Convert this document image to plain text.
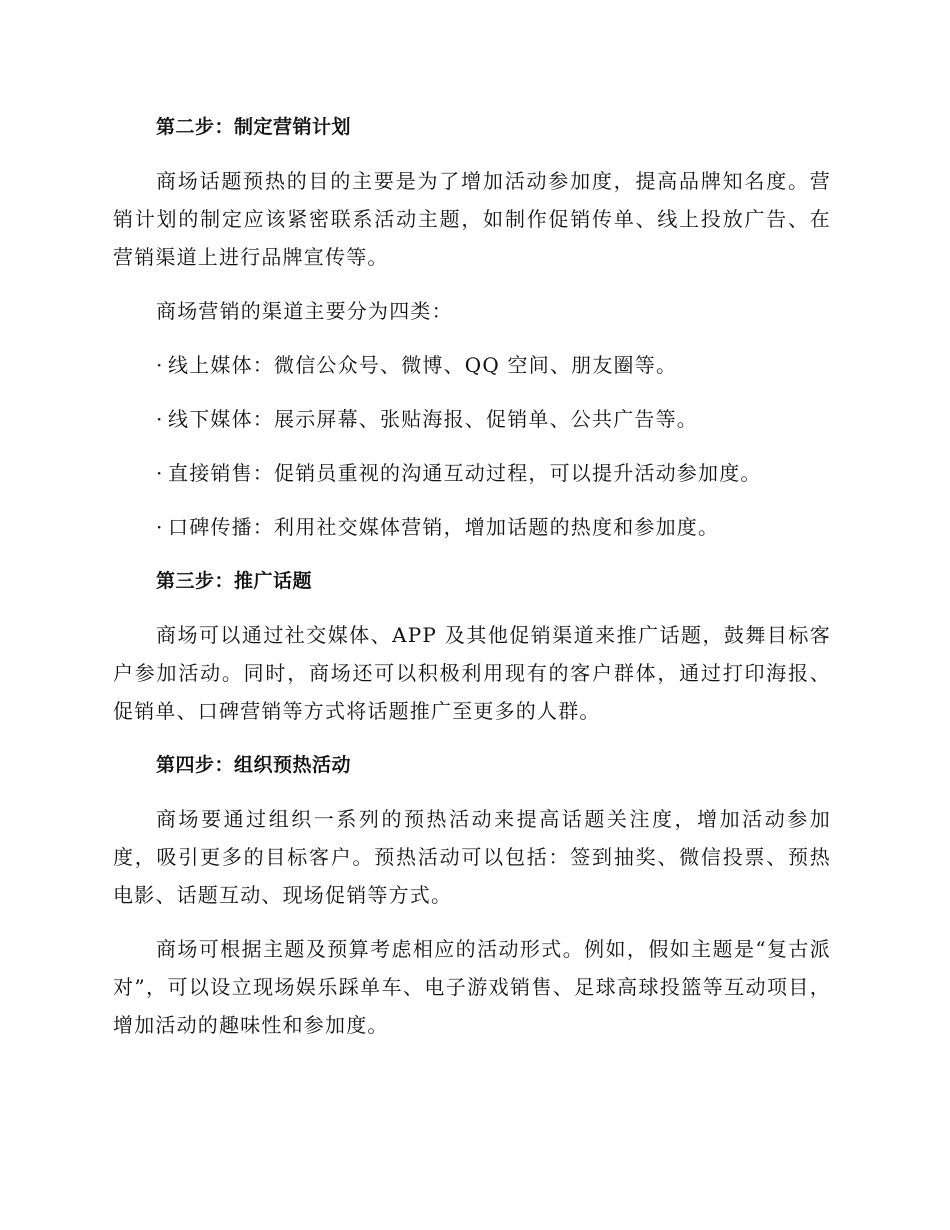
第二步：制定营销计划

商场话题预热的目的主要是为了增加活动参加度，提高品牌知名度。营销计划的制定应该紧密联系活动主题，如制作促销传单、线上投放广告、在营销渠道上进行品牌宣传等。

商场营销的渠道主要分为四类：

· 线上媒体：微信公众号、微博、QQ 空间、朋友圈等。
· 线下媒体：展示屏幕、张贴海报、促销单、公共广告等。
· 直接销售：促销员重视的沟通互动过程，可以提升活动参加度。
· 口碑传播：利用社交媒体营销，增加话题的热度和参加度。
第三步：推广话题

商场可以通过社交媒体、APP 及其他促销渠道来推广话题，鼓舞目标客户参加活动。同时，商场还可以积极利用现有的客户群体，通过打印海报、促销单、口碑营销等方式将话题推广至更多的人群。

第四步：组织预热活动

商场要通过组织一系列的预热活动来提高话题关注度，增加活动参加度，吸引更多的目标客户。预热活动可以包括：签到抽奖、微信投票、预热电影、话题互动、现场促销等方式。

商场可根据主题及预算考虑相应的活动形式。例如，假如主题是“复古派对”，可以设立现场娱乐踩单车、电子游戏销售、足球高球投篮等互动项目，增加活动的趣味性和参加度。
